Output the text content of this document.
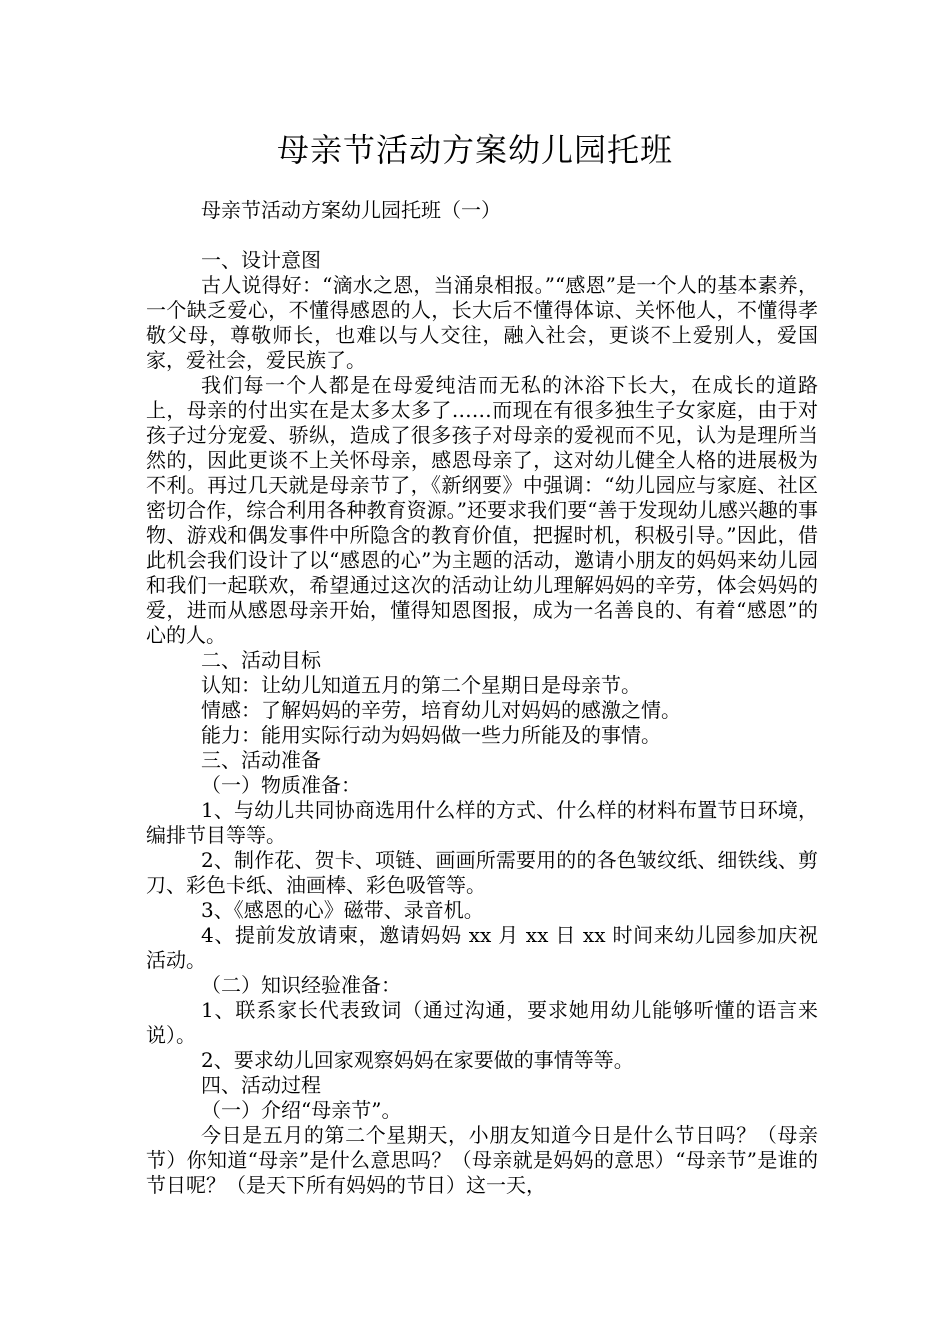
母亲节活动方案幼儿园托班

母亲节活动方案幼儿园托班（一）

一、设计意图

古人说得好：“滴水之恩，当涌泉相报。”“感恩”是一个人的基本素养，一个缺乏爱心，不懂得感恩的人，长大后不懂得体谅、关怀他人，不懂得孝敬父母，尊敬师长，也难以与人交往，融入社会，更谈不上爱别人，爱国家，爱社会，爱民族了。

我们每一个人都是在母爱纯洁而无私的沐浴下长大，在成长的道路上，母亲的付出实在是太多太多了……而现在有很多独生子女家庭，由于对孩子过分宠爱、骄纵，造成了很多孩子对母亲的爱视而不见，认为是理所当然的，因此更谈不上关怀母亲，感恩母亲了，这对幼儿健全人格的进展极为不利。再过几天就是母亲节了，《新纲要》中强调：“幼儿园应与家庭、社区密切合作，综合利用各种教育资源。”还要求我们要“善于发现幼儿感兴趣的事物、游戏和偶发事件中所隐含的教育价值，把握时机，积极引导。”因此，借此机会我们设计了以“感恩的心”为主题的活动，邀请小朋友的妈妈来幼儿园和我们一起联欢，希望通过这次的活动让幼儿理解妈妈的辛劳，体会妈妈的爱，进而从感恩母亲开始，懂得知恩图报，成为一名善良的、有着“感恩”的心的人。

二、活动目标

认知：让幼儿知道五月的第二个星期日是母亲节。

情感：了解妈妈的辛劳，培育幼儿对妈妈的感激之情。

能力：能用实际行动为妈妈做一些力所能及的事情。

三、活动准备

（一）物质准备：

1、与幼儿共同协商选用什么样的方式、什么样的材料布置节日环境，编排节目等等。

2、制作花、贺卡、项链、画画所需要用的的各色皱纹纸、细铁线、剪刀、彩色卡纸、油画棒、彩色吸管等。

3、《感恩的心》磁带、录音机。

4、提前发放请柬，邀请妈妈 xx 月 xx 日 xx 时间来幼儿园参加庆祝活动。

（二）知识经验准备：

1、联系家长代表致词（通过沟通，要求她用幼儿能够听懂的语言来说）。

2、要求幼儿回家观察妈妈在家要做的事情等等。

四、活动过程

（一）介绍“母亲节”。

今日是五月的第二个星期天，小朋友知道今日是什么节日吗？（母亲节）你知道“母亲”是什么意思吗？（母亲就是妈妈的意思）“母亲节”是谁的节日呢？（是天下所有妈妈的节日）这一天，
